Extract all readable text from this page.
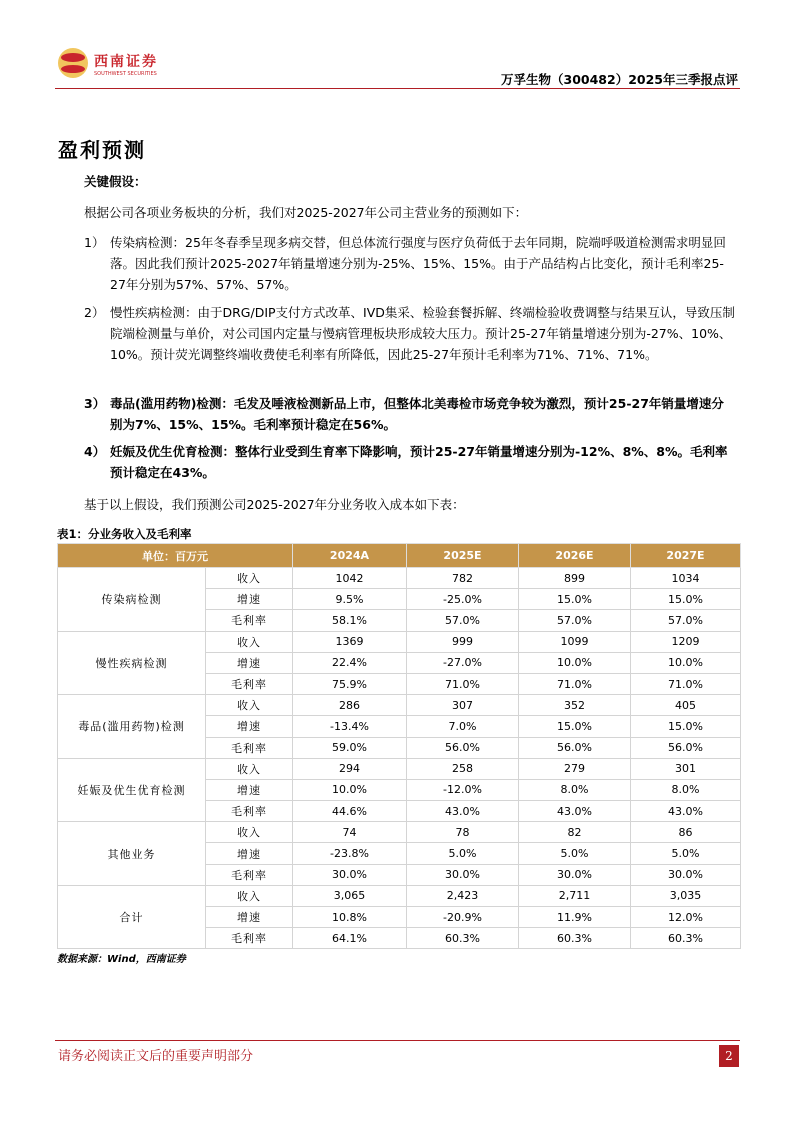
西南证券
SOUTHWEST SECURITIES	万孚生物（300482）2025年三季报点评
盈利预测
关键假设：
根据公司各项业务板块的分析，我们对2025-2027年公司主营业务的预测如下：
1） 传染病检测：25年冬春季呈现多病交替，但总体流行强度与医疗负荷低于去年同期，院端呼吸道检测需求明显回落。因此我们预计2025-2027年销量增速分别为-25%、15%、15%。由于产品结构占比变化，预计毛利率25-27年分别为57%、57%、57%。
2） 慢性疾病检测：由于DRG/DIP支付方式改革、IVD集采、检验套餐拆解、终端检验收费调整与结果互认，导致压制院端检测量与单价，对公司国内定量与慢病管理板块形成较大压力。预计25-27年销量增速分别为-27%、10%、10%。预计荧光调整终端收费使毛利率有所降低，因此25-27年预计毛利率为71%、71%、71%。
3） 毒品(滥用药物)检测：毛发及唾液检测新品上市，但整体北美毒检市场竞争较为激烈，预计25-27年销量增速分别为7%、15%、15%。毛利率预计稳定在56%。
4） 妊娠及优生优育检测：整体行业受到生育率下降影响，预计25-27年销量增速分别为-12%、8%、8%。毛利率预计稳定在43%。
基于以上假设，我们预测公司2025-2027年分业务收入成本如下表：
表1：分业务收入及毛利率
单位：百万元		2024A	2025E	2026E	2027E
传染病检测	收入	1042	782	899	1034
	增速	9.5%	-25.0%	15.0%	15.0%
	毛利率	58.1%	57.0%	57.0%	57.0%
慢性疾病检测	收入	1369	999	1099	1209
	增速	22.4%	-27.0%	10.0%	10.0%
	毛利率	75.9%	71.0%	71.0%	71.0%
毒品(滥用药物)检测	收入	286	307	352	405
	增速	-13.4%	7.0%	15.0%	15.0%
	毛利率	59.0%	56.0%	56.0%	56.0%
妊娠及优生优育检测	收入	294	258	279	301
	增速	10.0%	-12.0%	8.0%	8.0%
	毛利率	44.6%	43.0%	43.0%	43.0%
其他业务	收入	74	78	82	86
	增速	-23.8%	5.0%	5.0%	5.0%
	毛利率	30.0%	30.0%	30.0%	30.0%
合计	收入	3,065	2,423	2,711	3,035
	增速	10.8%	-20.9%	11.9%	12.0%
	毛利率	64.1%	60.3%	60.3%	60.3%
数据来源：Wind，西南证券
请务必阅读正文后的重要声明部分	2
